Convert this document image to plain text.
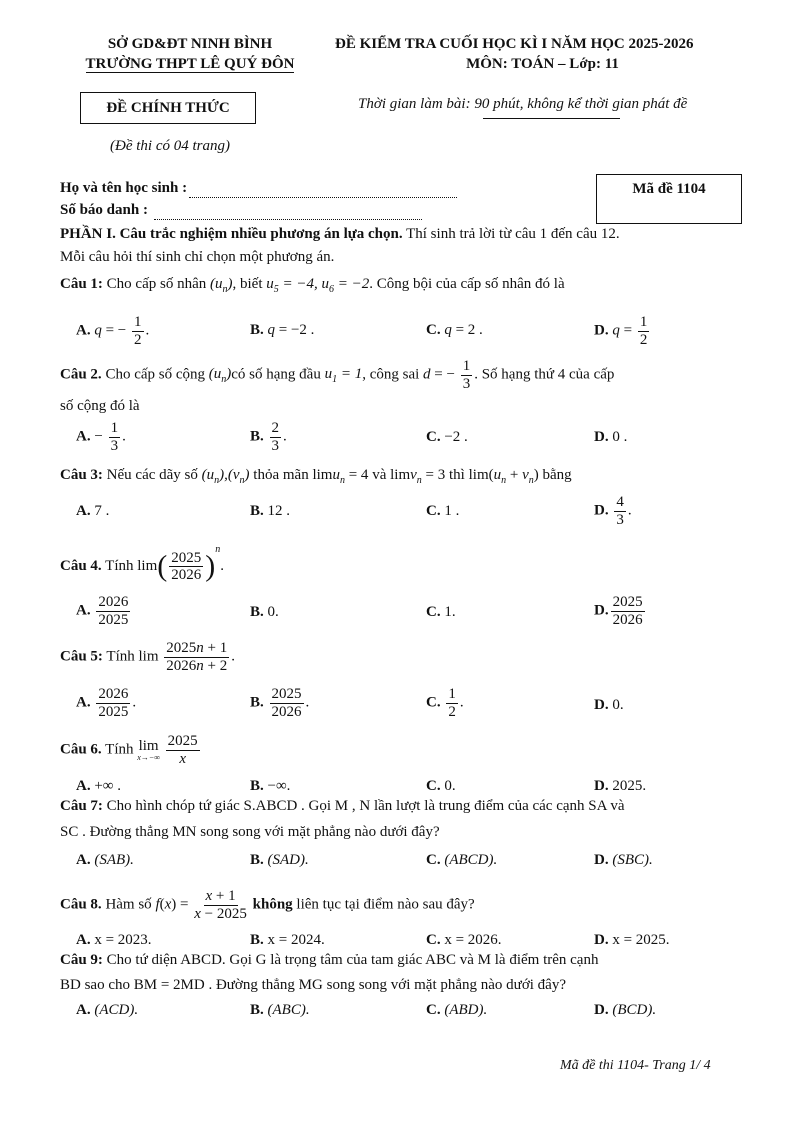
SỞ GD&ĐT NINH BÌNH
TRƯỜNG THPT LÊ QUÝ ĐÔN
ĐỀ KIỂM TRA CUỐI HỌC KÌ I NĂM HỌC 2025-2026
MÔN: TOÁN – Lớp: 11
ĐỀ CHÍNH THỨC	Thời gian làm bài: 90 phút, không kể thời gian phát đề
(Đề thi có 04 trang)
Họ và tên học sinh :
Số báo danh :
Mã đề 1104
PHẦN I. Câu trắc nghiệm nhiều phương án lựa chọn. Thí sinh trả lời từ câu 1 đến câu 12.
Mỗi câu hỏi thí sinh chỉ chọn một phương án.
Câu 1: Cho cấp số nhân $(u_n)$, biết $u_5 = -4$, $u_6 = -2$. Công bội của cấp số nhân đó là
A. q = − $\frac{1}{2}$ .	B. q = −2 .	C. q = 2 .	D. $q = \frac{1}{2}$
Câu 2. Cho cấp số cộng $(u_n)có$ số hạng đầu $u_1 = 1$, công sai d = − $\frac{1}{3}$ . Số hạng thứ 4 của cấp
số cộng đó là
A. − $\frac{1}{3}$ .	B. $\frac{2}{3}$ .	C. −2 .	D. 0 .
Câu 3: Nếu các dãy số $(u_n),(v_n)$ thỏa mãn limu$_n$ = 4 và limv$_n$ = 3 thì $\lim(u_n + v_n)$ bằng
A. 7 .	B. 12 .	C. 1 .	D. $\frac{4}{3}$ .
Câu 4. Tính $\lim( \frac{2025}{2026} )^n$.
A. $\frac{2026}{2025}$	B. 0.	C. 1.	D. $\frac{2025}{2026}$
Câu 5: Tính $\lim \frac{2025n + 1}{2026n + 2}$ .
A. $\frac{2026}{2025}$ .	B. $\frac{2025}{2026}$ .	C. $\frac{1}{2}$ .	D. 0.
Câu 6. Tính lim
x→−∞
$\frac{2025}{x}$
A. +∞ .	B. −∞.	C. 0.	D. 2025.
Câu 7: Cho hình chóp tứ giác S.ABCD . Gọi M , N lần lượt là trung điểm của các cạnh SA và
SC . Đường thẳng MN song song với mặt phẳng nào dưới đây?
A. (SAB).	B. (SAD).	C. (ABCD).	D. (SBC).
Câu 8. Hàm số $f(x) = \frac{x + 1}{x - 2025}$ không liên tục tại điểm nào sau đây?
A. x = 2023.	B. x = 2024.	C. x = 2026.	D. x = 2025.
Câu 9: Cho tứ diện ABCD. Gọi G là trọng tâm của tam giác ABC và M là điểm trên cạnh
BD sao cho BM = 2MD . Đường thẳng MG song song với mặt phẳng nào dưới đây?
A. (ACD).	B. (ABC).	C. (ABD).	D. (BCD).
Mã đề thi 1104- Trang 1/ 4
